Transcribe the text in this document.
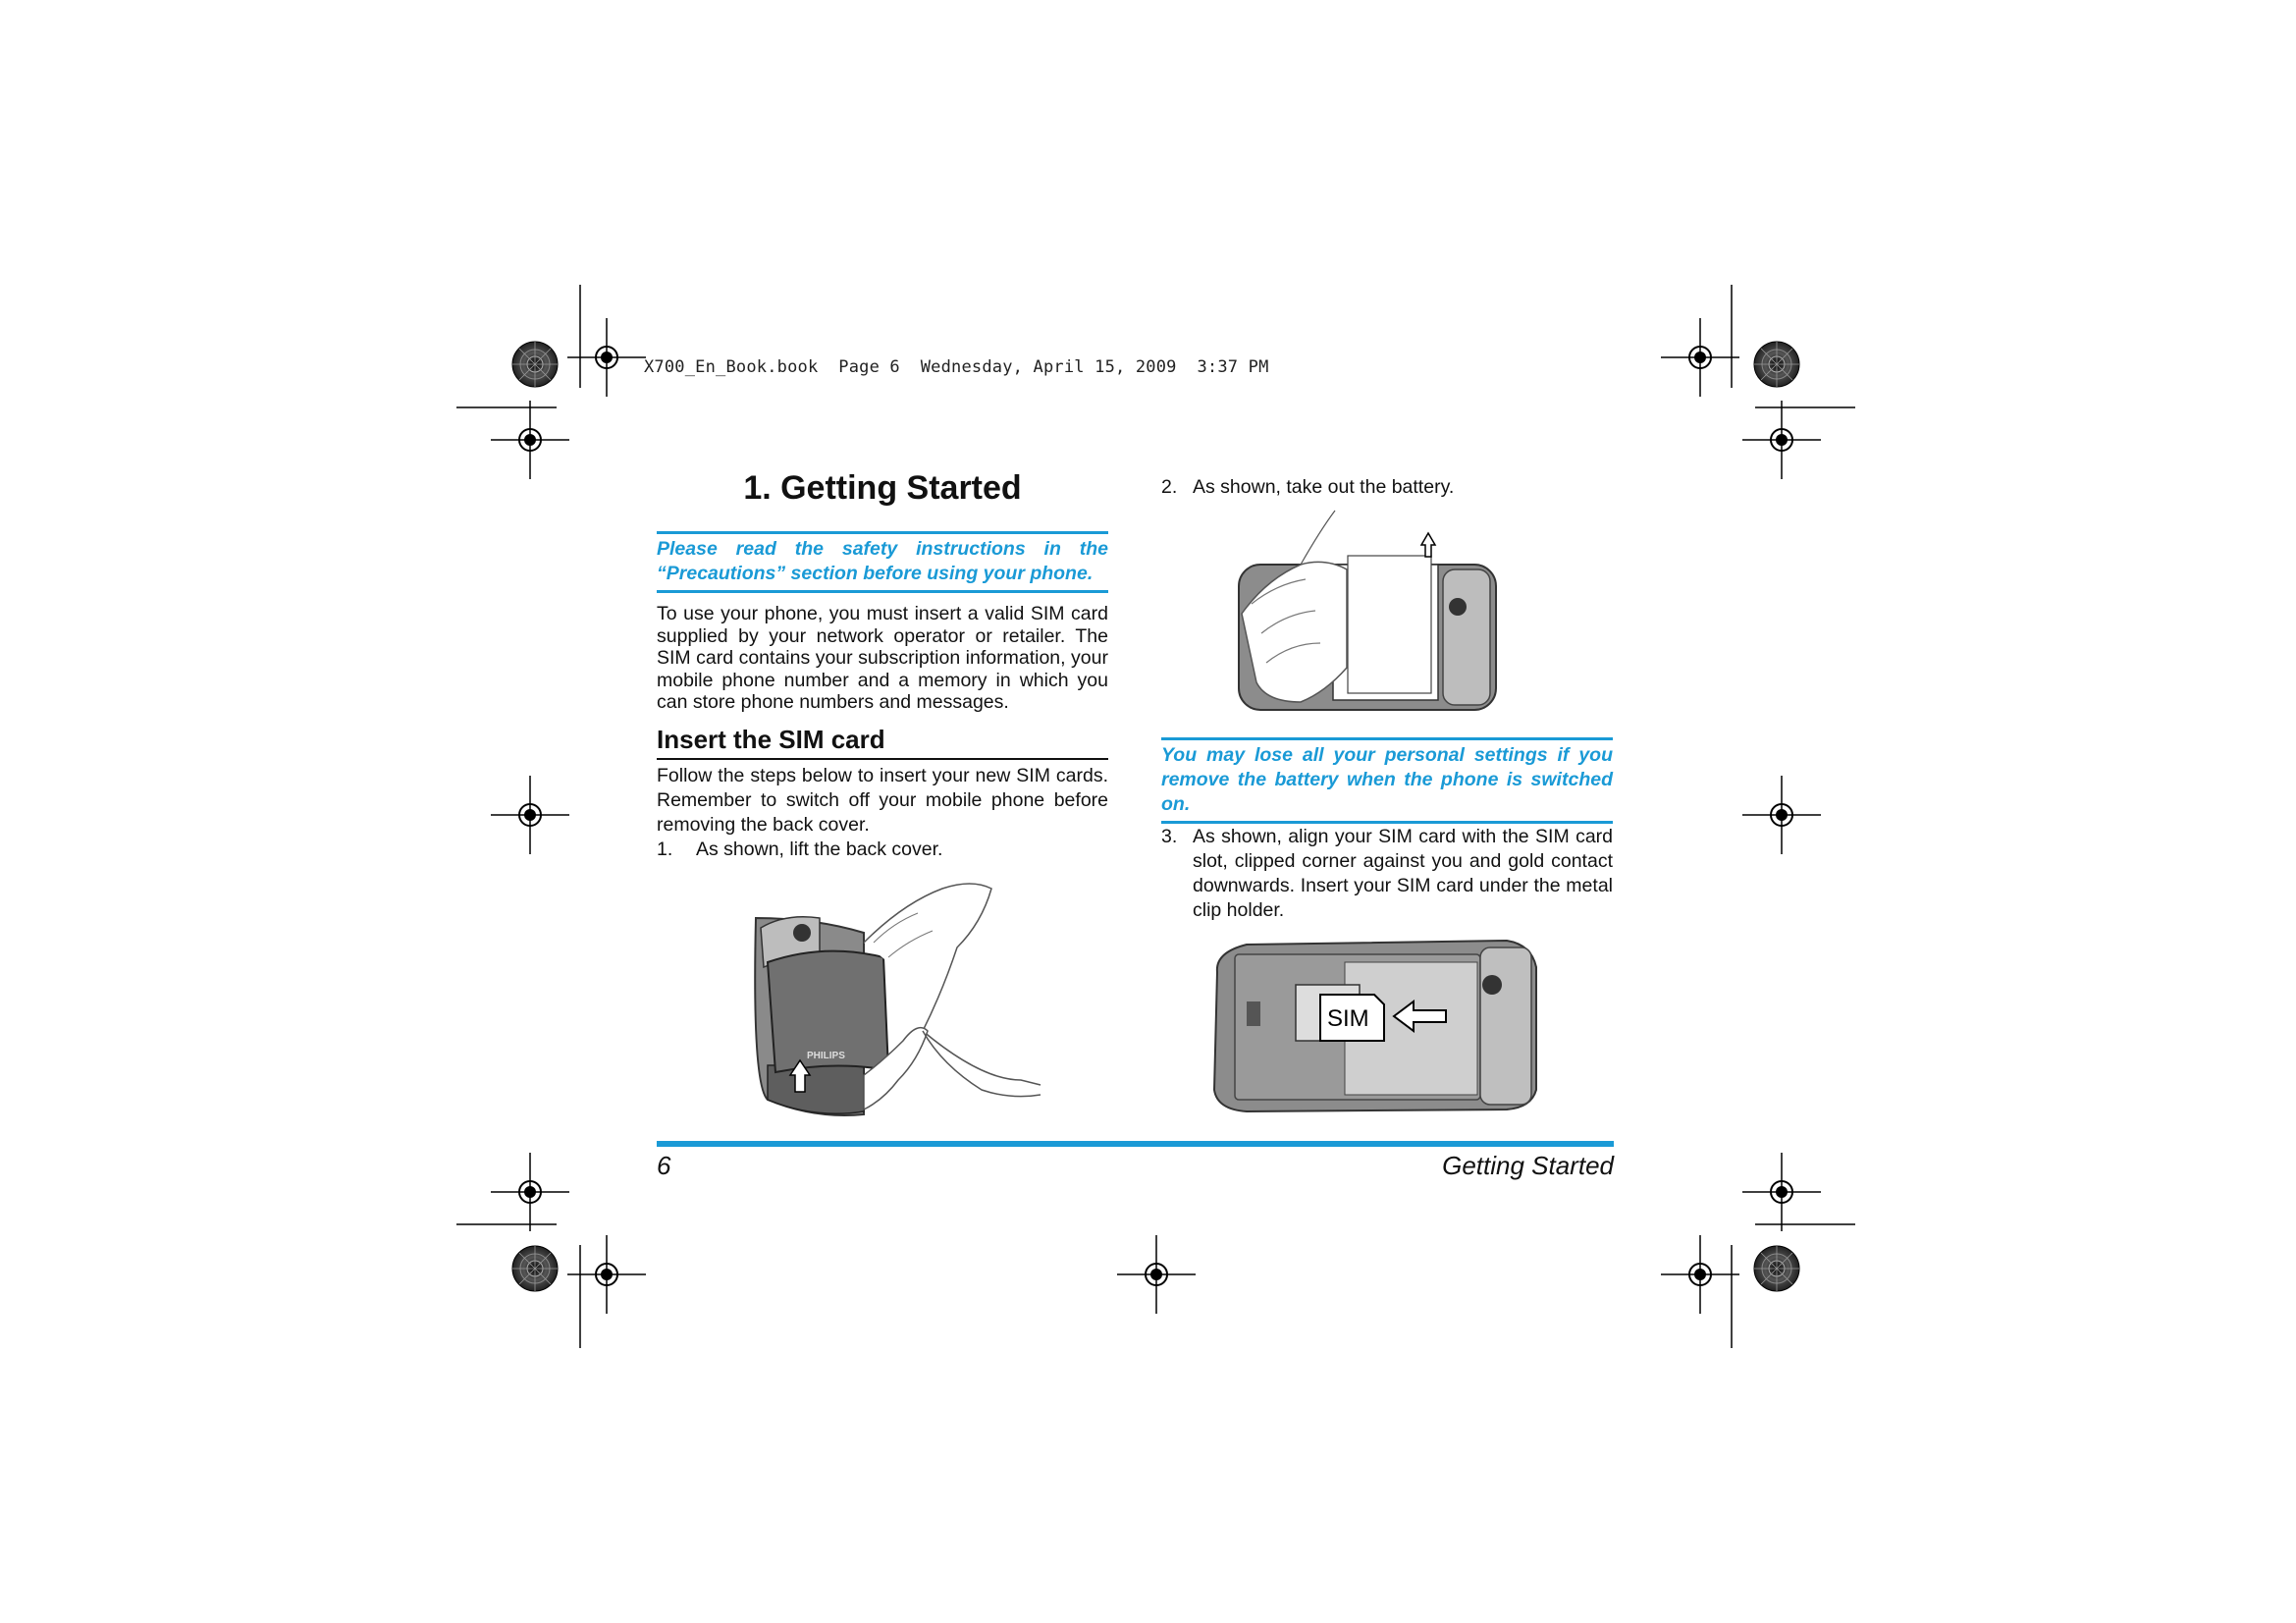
PHILIPS
SIM
X700_En_Book.book  Page 6  Wednesday, April 15, 2009  3:37 PM
1. Getting Started
Please read the safety instructions in the “Precautions” section before using your phone.
To use your phone, you must insert a valid SIM card supplied by your network operator or retailer. The SIM card contains your subscription information, your mobile phone number and a memory in which you can store phone numbers and messages.
Insert the SIM card
Follow the steps below to insert your new SIM cards. Remember to switch off your mobile phone before removing the back cover.
1. As shown, lift the back cover.
2. As shown, take out the battery.
You may lose all your personal settings if you remove the battery when the phone is switched on.
3. As shown, align your SIM card with the SIM card slot, clipped corner against you and gold contact downwards. Insert your SIM card under the metal clip holder.
6	Getting Started
